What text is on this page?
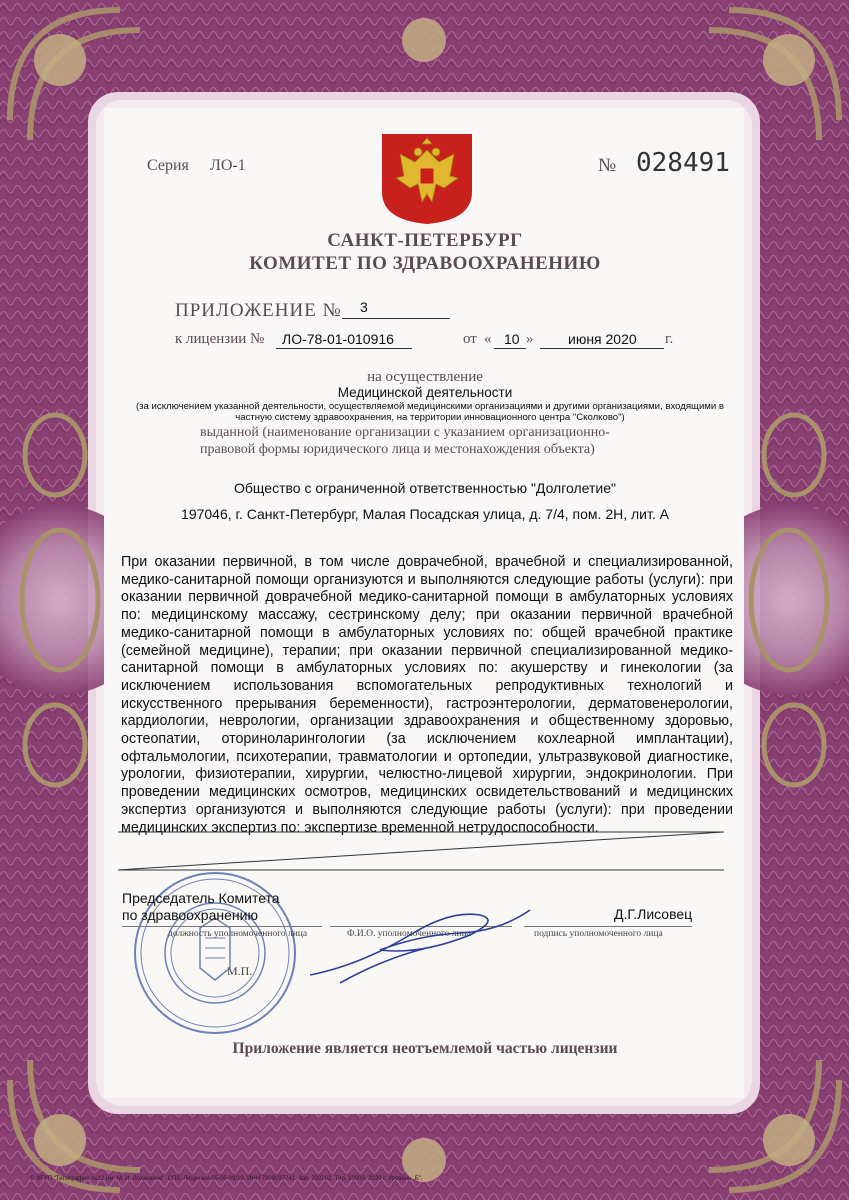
Серия ЛО-1	№ 028491
САНКТ-ПЕТЕРБУРГ
КОМИТЕТ ПО ЗДРАВООХРАНЕНИЮ
ПРИЛОЖЕНИЕ № 3
к лицензии № ЛО-78-01-010916	от « 10 » июня 2020 г.
на осуществление
Медицинской деятельности
(за исключением указанной деятельности, осуществляемой медицинскими организациями и другими организациями, входящими в частную систему здравоохранения, на территории инновационного центра "Сколково")
выданной (наименование организации с указанием организационно-
правовой формы юридического лица и местонахождения объекта)
Общество с ограниченной ответственностью "Долголетие"
197046, г. Санкт-Петербург, Малая Посадская улица, д. 7/4, пом. 2Н, лит. А
При оказании первичной, в том числе доврачебной, врачебной и специализированной, медико-санитарной помощи организуются и выполняются следующие работы (услуги): при оказании первичной доврачебной медико-санитарной помощи в амбулаторных условиях по: медицинскому массажу, сестринскому делу; при оказании первичной врачебной медико-санитарной помощи в амбулаторных условиях по: общей врачебной практике (семейной медицине), терапии; при оказании первичной специализированной медико-санитарной помощи в амбулаторных условиях по: акушерству и гинекологии (за исключением использования вспомогательных репродуктивных технологий и искусственного прерывания беременности), гастроэнтерологии, дерматовенерологии, кардиологии, неврологии, организации здравоохранения и общественному здоровью, остеопатии, оториноларингологии (за исключением кохлеарной имплантации), офтальмологии, психотерапии, травматологии и ортопедии, ультразвуковой диагностике, урологии, физиотерапии, хирургии, челюстно-лицевой хирургии, эндокринологии. При проведении медицинских осмотров, медицинских освидетельствований и медицинских экспертиз организуются и выполняются следующие работы (услуги): при проведении медицинских экспертиз по: экспертизе временной нетрудоспособности.
Председатель Комитета
по здравоохранению
должность уполномоченного лица	Ф.И.О. уполномоченного лица
Д.Г.Лисовец
подпись уполномоченного лица
М.П.
Приложение является неотъемлемой частью лицензии
© ФГУП "Типография №12 им. М. И. Лоханкина". СПб. Лицензия 05-05-09/19. ИНН 7809037741. Зак. 200202. Тир. 10000. 2020 г. Уровень „Б".
